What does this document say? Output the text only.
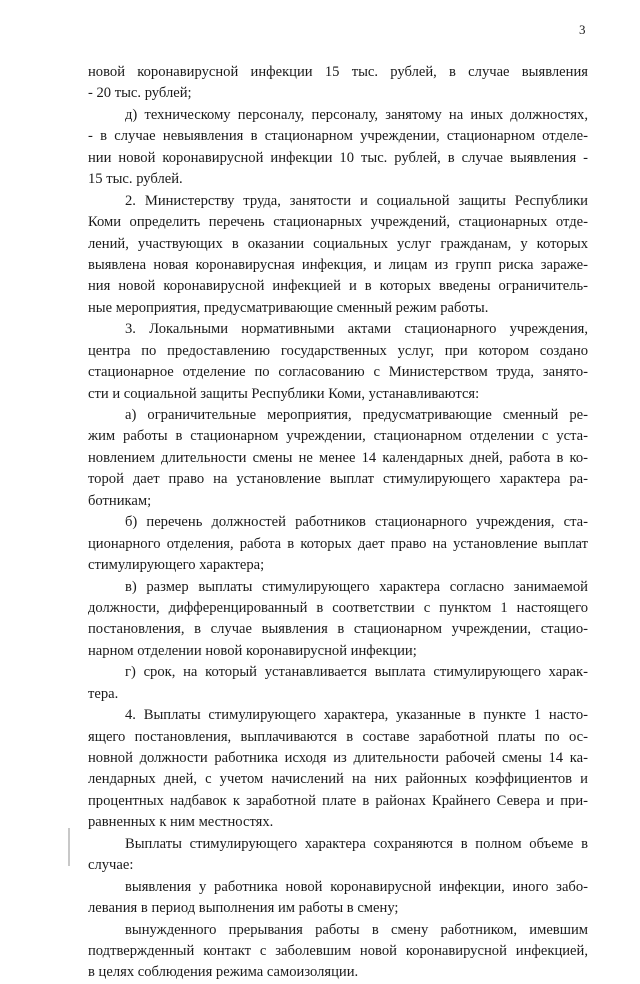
3
новой коронавирусной инфекции 15 тыс. рублей, в случае выявления
- 20 тыс. рублей;
д) техническому персоналу, персоналу, занятому на иных должностях,
- в случае невыявления в стационарном учреждении, стационарном отделе-
нии новой коронавирусной инфекции 10 тыс. рублей, в случае выявления -
15 тыс. рублей.
2. Министерству труда, занятости и социальной защиты Республики
Коми определить перечень стационарных учреждений, стационарных отде-
лений, участвующих в оказании социальных услуг гражданам, у которых
выявлена новая коронавирусная инфекция, и лицам из групп риска зараже-
ния новой коронавирусной инфекцией и в которых введены ограничитель-
ные мероприятия, предусматривающие сменный режим работы.
3. Локальными нормативными актами стационарного учреждения,
центра по предоставлению государственных услуг, при котором создано
стационарное отделение по согласованию с Министерством труда, занято-
сти и социальной защиты Республики Коми, устанавливаются:
а) ограничительные мероприятия, предусматривающие сменный ре-
жим работы в стационарном учреждении, стационарном отделении с уста-
новлением длительности смены не менее 14 календарных дней, работа в ко-
торой дает право на установление выплат стимулирующего характера ра-
ботникам;
б) перечень должностей работников стационарного учреждения, ста-
ционарного отделения, работа в которых дает право на установление выплат
стимулирующего характера;
в) размер выплаты стимулирующего характера согласно занимаемой
должности, дифференцированный в соответствии с пунктом 1 настоящего
постановления, в случае выявления в стационарном учреждении, стацио-
нарном отделении новой коронавирусной инфекции;
г) срок, на который устанавливается выплата стимулирующего харак-
тера.
4. Выплаты стимулирующего характера, указанные в пункте 1 насто-
ящего постановления, выплачиваются в составе заработной платы по ос-
новной должности работника исходя из длительности рабочей смены 14 ка-
лендарных дней, с учетом начислений на них районных коэффициентов и
процентных надбавок к заработной плате в районах Крайнего Севера и при-
равненных к ним местностях.
Выплаты стимулирующего характера сохраняются в полном объеме в
случае:
выявления у работника новой коронавирусной инфекции, иного забо-
левания в период выполнения им работы в смену;
вынужденного прерывания работы в смену работником, имевшим
подтвержденный контакт с заболевшим новой коронавирусной инфекцией,
в целях соблюдения режима самоизоляции.
